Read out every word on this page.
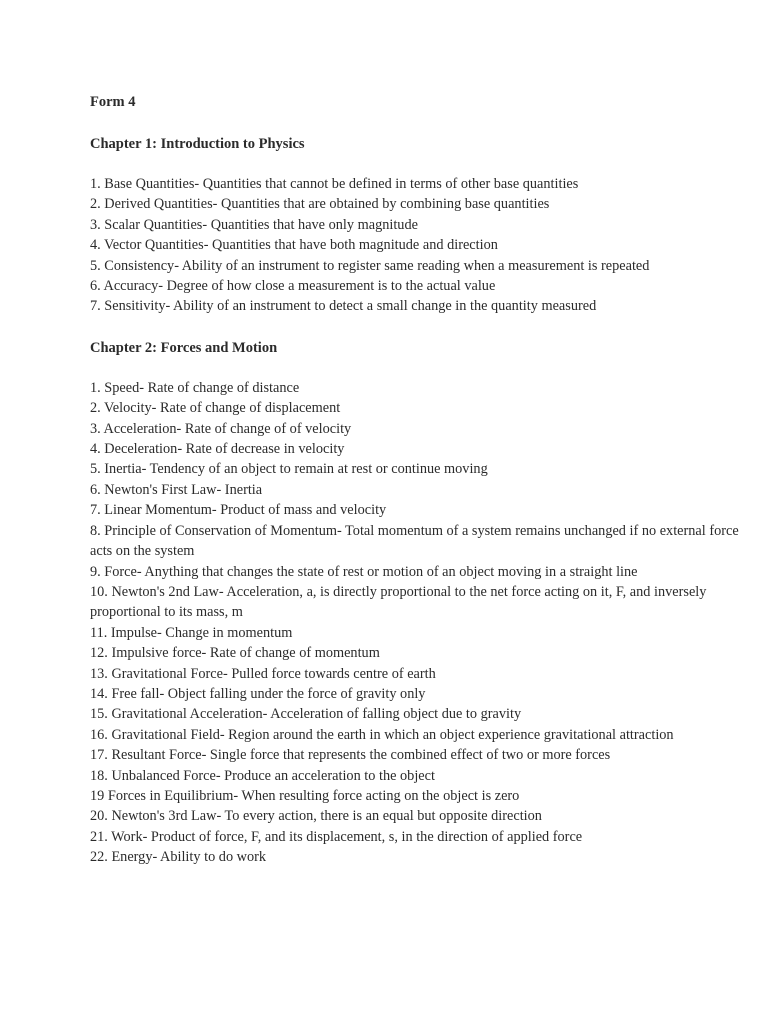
Form 4
Chapter 1: Introduction to Physics
1. Base Quantities- Quantities that cannot be defined in terms of other base quantities
2. Derived Quantities- Quantities that are obtained by combining base quantities
3. Scalar Quantities- Quantities that have only magnitude
4. Vector Quantities- Quantities that have both magnitude and direction
5. Consistency- Ability of an instrument to register same reading when a measurement is repeated
6. Accuracy- Degree of how close a measurement is to the actual value
7. Sensitivity- Ability of an instrument to detect a small change in the quantity measured
Chapter 2: Forces and Motion
1. Speed- Rate of change of distance
2. Velocity- Rate of change of displacement
3. Acceleration- Rate of change of of velocity
4. Deceleration- Rate of decrease in velocity
5. Inertia- Tendency of an object to remain at rest or continue moving
6. Newton's First Law- Inertia
7. Linear Momentum- Product of mass and velocity
8. Principle of Conservation of Momentum- Total momentum of a system remains unchanged if no external force acts on the system
9. Force- Anything that changes the state of rest or motion of an object moving in a straight line
10. Newton's 2nd Law- Acceleration, a, is directly proportional to the net force acting on it, F, and inversely proportional to its mass, m
11. Impulse- Change in momentum
12. Impulsive force- Rate of change of momentum
13. Gravitational Force- Pulled force towards centre of earth
14. Free fall- Object falling under the force of gravity only
15. Gravitational Acceleration- Acceleration of falling object due to gravity
16. Gravitational Field- Region around the earth in which an object experience gravitational attraction
17. Resultant Force- Single force that represents the combined effect of two or more forces
18. Unbalanced Force- Produce an acceleration to the object
19 Forces in Equilibrium- When resulting force acting on the object is zero
20. Newton's 3rd Law- To every action, there is an equal but opposite direction
21. Work- Product of force, F, and its displacement, s, in the direction of applied force
22. Energy- Ability to do work
